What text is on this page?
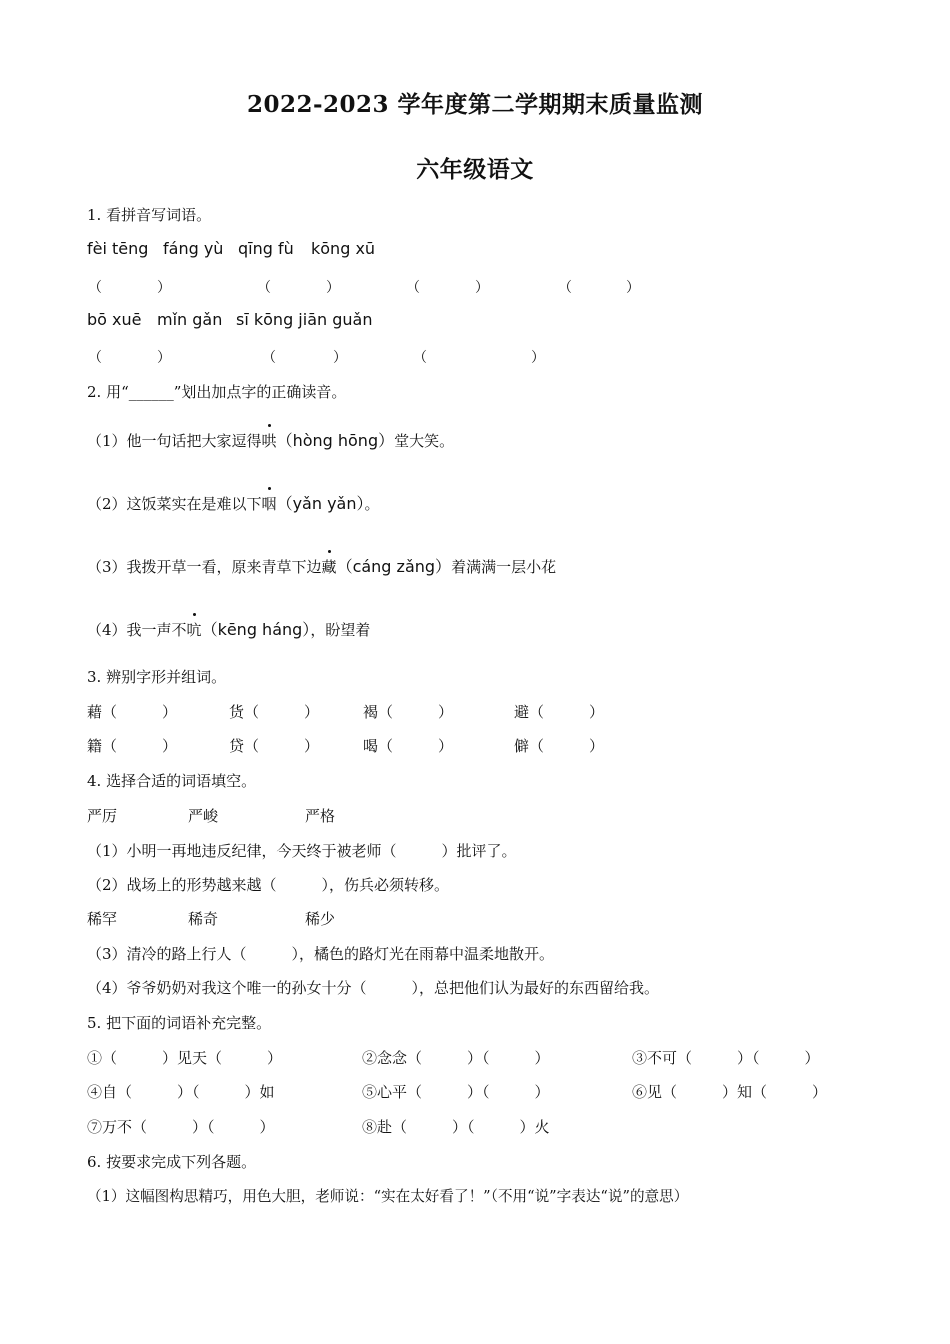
2022-2023 学年度第二学期期末质量监测
六年级语文
1. 看拼音写词语。
fèi tēng fáng yù qīng fù kōng xū
（	）	（	）	（	）	（	）
bō xuē mǐn gǎn sī kōng jiān guǎn
（	）	（	）	（	）
2. 用“______”划出加点字的正确读音。
（1）他一句话把大家逗得哄（hòng hōng）堂大笑。
（2）这饭菜实在是难以下咽（yǎn yǎn）。
（3）我拨开草一看，原来青草下边藏（cáng zǎng）着满满一层小花
（4）我一声不吭（kēng háng），盼望着
3. 辨别字形并组词。
藉（　　　）	货（　　　）	褐（　　　）	避（　　　）
籍（　　　）	贷（　　　）	喝（　　　）	僻（　　　）
4. 选择合适的词语填空。
严厉	严峻	严格
（1）小明一再地违反纪律，今天终于被老师（　　　）批评了。
（2）战场上的形势越来越（　　　），伤兵必须转移。
稀罕	稀奇	稀少
（3）清冷的路上行人（　　　），橘色的路灯光在雨幕中温柔地散开。
（4）爷爷奶奶对我这个唯一的孙女十分（　　　），总把他们认为最好的东西留给我。
5. 把下面的词语补充完整。
①（　　　）见天（　　　）	②念念（　　　）（　　　）	③不可（　　　）（　　　）
④自（　　　）（　　　）如	⑤心平（　　　）（　　　）	⑥见（　　　）知（　　　）
⑦万不（　　　）（　　　）	⑧赴（　　　）（　　　）火
6. 按要求完成下列各题。
（1）这幅图构思精巧，用色大胆，老师说：“实在太好看了！”（不用“说”字表达“说”的意思）
